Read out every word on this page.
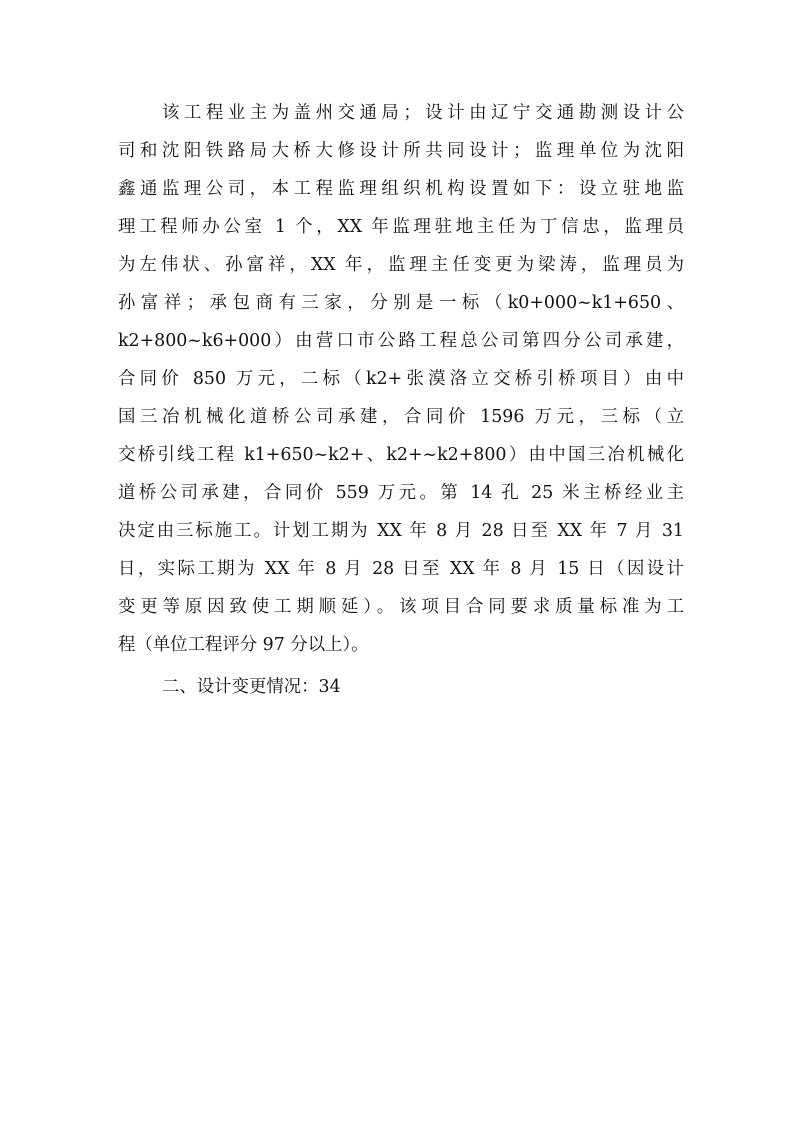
该工程业主为盖州交通局；设计由辽宁交通勘测设计公
司和沈阳铁路局大桥大修设计所共同设计；监理单位为沈阳
鑫通监理公司，本工程监理组织机构设置如下：设立驻地监
理工程师办公室 1 个，XX 年监理驻地主任为丁信忠，监理员
为左伟状、孙富祥，XX 年，监理主任变更为梁涛，监理员为
孙富祥；承包商有三家，分别是一标（k0+000~k1+650、
k2+800~k6+000）由营口市公路工程总公司第四分公司承建，
合同价 850 万元，二标（k2+张漠洛立交桥引桥项目）由中
国三冶机械化道桥公司承建，合同价 1596 万元，三标（立
交桥引线工程 k1+650~k2+、k2+~k2+800）由中国三冶机械化
道桥公司承建，合同价 559 万元。第 14 孔 25 米主桥经业主
决定由三标施工。计划工期为 XX 年 8 月 28 日至 XX 年 7 月 31
日，实际工期为 XX 年 8 月 28 日至 XX 年 8 月 15 日（因设计
变更等原因致使工期顺延）。该项目合同要求质量标准为工
程（单位工程评分 97 分以上）。
二、设计变更情况：34
